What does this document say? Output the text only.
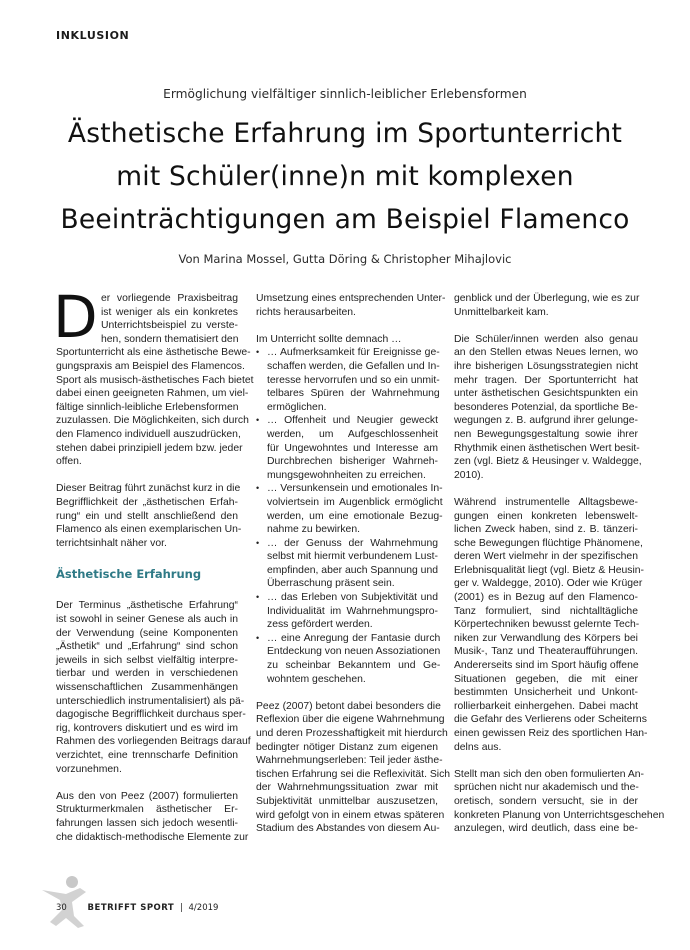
INKLUSION
Ermöglichung vielfältiger sinnlich-leiblicher Erlebensformen
Ästhetische Erfahrung im Sportunterricht
mit Schüler(inne)n mit komplexen
Beeinträchtigungen am Beispiel Flamenco
Von Marina Mossel, Gutta Döring & Christopher Mihajlovic
D er vorliegende Praxisbeitrag
ist weniger als ein konkretes
Unterrichtsbeispiel zu verste-
hen, sondern thematisiert den
Sportunterricht als eine ästhetische Bewe-
gungspraxis am Beispiel des Flamencos.
Sport als musisch-ästhetisches Fach bietet
dabei einen geeigneten Rahmen, um viel-
fältige sinnlich-leibliche Erlebensformen
zuzulassen. Die Möglichkeiten, sich durch
den Flamenco individuell auszudrücken,
stehen dabei prinzipiell jedem bzw. jeder
offen.
Dieser Beitrag führt zunächst kurz in die
Begrifflichkeit der „ästhetischen Erfah-
rung“ ein und stellt anschließend den
Flamenco als einen exemplarischen Un-
terrichtsinhalt näher vor.
Ästhetische Erfahrung
Der Terminus „ästhetische Erfahrung“
ist sowohl in seiner Genese als auch in
der Verwendung (seine Komponenten
„Ästhetik“ und „Erfahrung“ sind schon
jeweils in sich selbst vielfältig interpre-
tierbar und werden in verschiedenen
wissenschaftlichen Zusammenhängen
unterschiedlich instrumentalisiert) als pä-
dagogische Begrifflichkeit durchaus sper-
rig, kontrovers diskutiert und es wird im
Rahmen des vorliegenden Beitrags darauf
verzichtet, eine trennscharfe Definition
vorzunehmen.
Aus den von Peez (2007) formulierten
Strukturmerkmalen ästhetischer Er-
fahrungen lassen sich jedoch wesentli-
che didaktisch-methodische Elemente zur
Umsetzung eines entsprechenden Unter-
richts herausarbeiten.
Im Unterricht sollte demnach …
• … Aufmerksamkeit für Ereignisse ge-
schaffen werden, die Gefallen und In-
teresse hervorrufen und so ein unmit-
telbares Spüren der Wahrnehmung
ermöglichen.
• … Offenheit und Neugier geweckt
werden, um Aufgeschlossenheit
für Ungewohntes und Interesse am
Durchbrechen bisheriger Wahrneh-
mungsgewohnheiten zu erreichen.
• … Versunkensein und emotionales In-
volviertsein im Augenblick ermöglicht
werden, um eine emotionale Bezug-
nahme zu bewirken.
• … der Genuss der Wahrnehmung
selbst mit hiermit verbundenem Lust-
empfinden, aber auch Spannung und
Überraschung präsent sein.
• … das Erleben von Subjektivität und
Individualität im Wahrnehmungspro-
zess gefördert werden.
• … eine Anregung der Fantasie durch
Entdeckung von neuen Assoziationen
zu scheinbar Bekanntem und Ge-
wohntem geschehen.
Peez (2007) betont dabei besonders die
Reflexion über die eigene Wahrnehmung
und deren Prozesshaftigkeit mit hierdurch
bedingter nötiger Distanz zum eigenen
Wahrnehmungserleben: Teil jeder ästhe-
tischen Erfahrung sei die Reflexivität. Sich
der Wahrnehmungssituation zwar mit
Subjektivität unmittelbar auszusetzen,
wird gefolgt von in einem etwas späteren
Stadium des Abstandes von diesem Au-
genblick und der Überlegung, wie es zur
Unmittelbarkeit kam.
Die Schüler/innen werden also genau
an den Stellen etwas Neues lernen, wo
ihre bisherigen Lösungsstrategien nicht
mehr tragen. Der Sportunterricht hat
unter ästhetischen Gesichtspunkten ein
besonderes Potenzial, da sportliche Be-
wegungen z. B. aufgrund ihrer gelunge-
nen Bewegungsgestaltung sowie ihrer
Rhythmik einen ästhetischen Wert besit-
zen (vgl. Bietz & Heusinger v. Waldegge,
2010).
Während instrumentelle Alltagsbewe-
gungen einen konkreten lebenswelt-
lichen Zweck haben, sind z. B. tänzeri-
sche Bewegungen flüchtige Phänomene,
deren Wert vielmehr in der spezifischen
Erlebnisqualität liegt (vgl. Bietz & Heusin-
ger v. Waldegge, 2010). Oder wie Krüger
(2001) es in Bezug auf den Flamenco-
Tanz formuliert, sind nichtalltägliche
Körpertechniken bewusst gelernte Tech-
niken zur Verwandlung des Körpers bei
Musik-, Tanz und Theateraufführungen.
Andererseits sind im Sport häufig offene
Situationen gegeben, die mit einer
bestimmten Unsicherheit und Unkont-
rollierbarkeit einhergehen. Dabei macht
die Gefahr des Verlierens oder Scheiterns
einen gewissen Reiz des sportlichen Han-
delns aus.
Stellt man sich den oben formulierten An-
sprüchen nicht nur akademisch und the-
oretisch, sondern versucht, sie in der
konkreten Planung von Unterrichtsgeschehen
anzulegen, wird deutlich, dass eine be-
30 BETRIFFT SPORT | 4/2019
